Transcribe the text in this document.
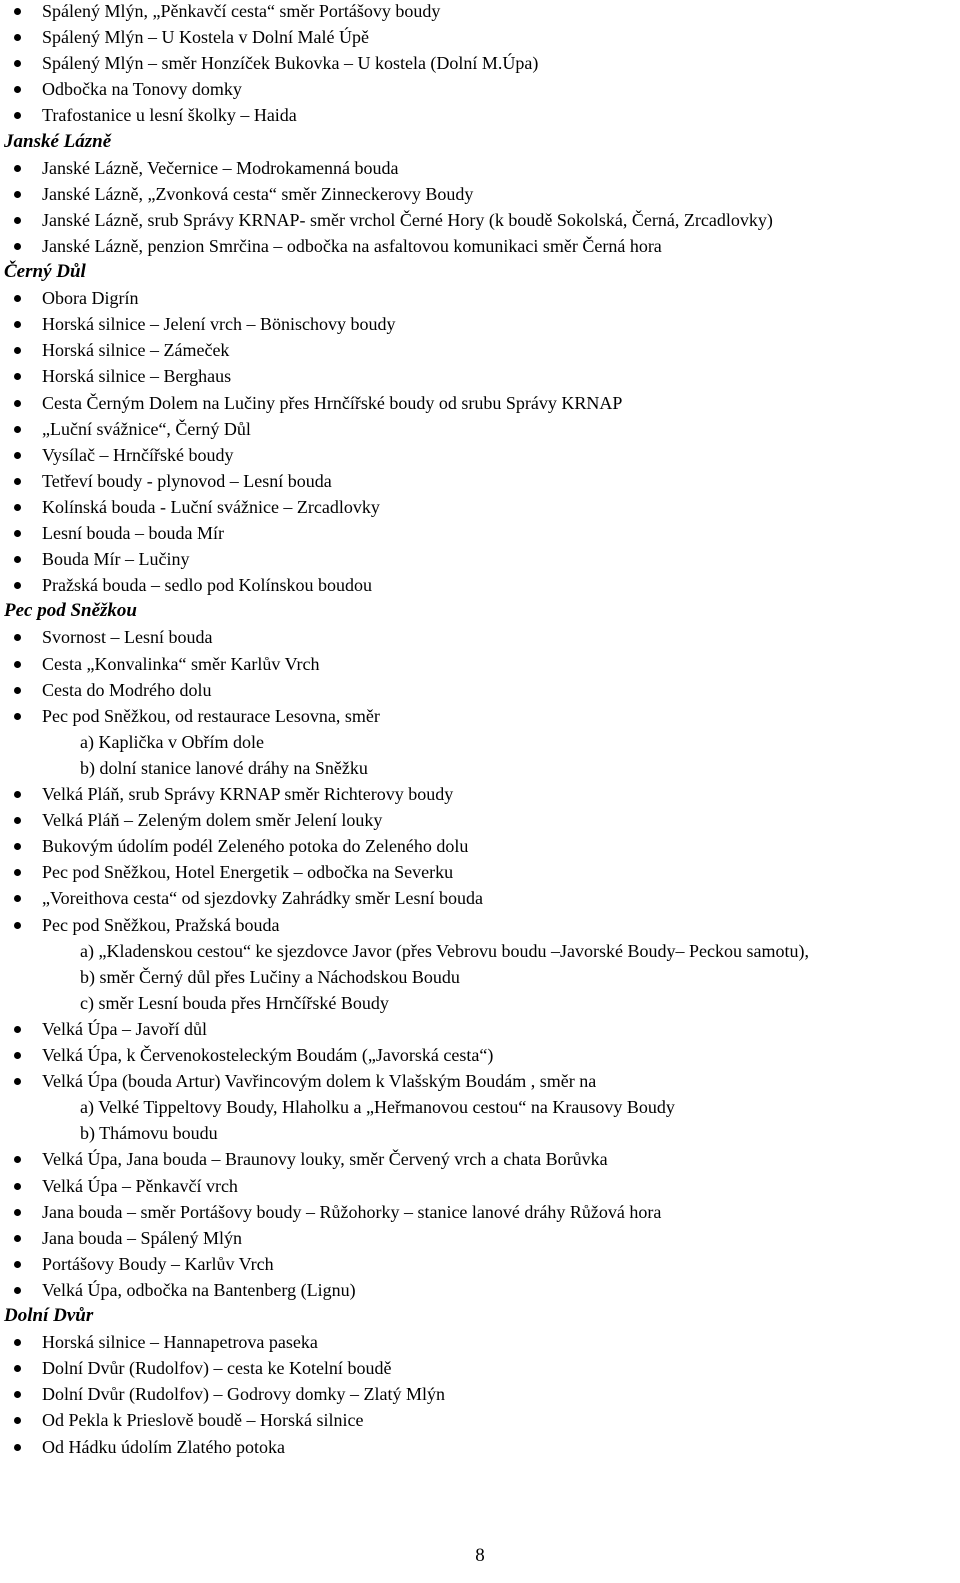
Spálený Mlýn, „Pěnkavčí cesta“ směr Portášovy boudy
Spálený Mlýn – U Kostela v Dolní Malé Úpě
Spálený Mlýn – směr Honzíček Bukovka – U kostela (Dolní M.Úpa)
Odbočka na Tonovy domky
Trafostanice u lesní školky – Haida
Janské Lázně
Janské Lázně, Večernice – Modrokamenná bouda
Janské Lázně, „Zvonková cesta“ směr Zinneckerovy Boudy
Janské Lázně, srub Správy KRNAP- směr vrchol Černé Hory (k boudě Sokolská, Černá, Zrcadlovky)
Janské Lázně, penzion Smrčina – odbočka na asfaltovou komunikaci směr Černá hora
Černý Důl
Obora Digrín
Horská silnice – Jelení vrch – Bönischovy boudy
Horská silnice – Zámeček
Horská silnice – Berghaus
Cesta Černým Dolem na Lučiny přes Hrnčířské boudy od srubu Správy KRNAP
„Luční svážnice“, Černý Důl
Vysílač – Hrnčířské boudy
Tetřeví boudy - plynovod – Lesní bouda
Kolínská bouda - Luční svážnice – Zrcadlovky
Lesní bouda – bouda Mír
Bouda Mír – Lučiny
Pražská bouda – sedlo pod Kolínskou boudou
Pec pod Sněžkou
Svornost – Lesní bouda
Cesta „Konvalinka“ směr Karlův Vrch
Cesta do Modrého dolu
Pec pod Sněžkou, od restaurace Lesovna, směr
a) Kaplička v Obřím dole
b) dolní stanice lanové dráhy na Sněžku
Velká Pláň, srub Správy KRNAP směr Richterovy boudy
Velká Pláň – Zeleným dolem směr Jelení louky
Bukovým údolím podél Zeleného potoka do Zeleného dolu
Pec pod Sněžkou, Hotel Energetik – odbočka na Severku
„Voreithova cesta“ od sjezdovky Zahrádky směr Lesní bouda
Pec pod Sněžkou, Pražská bouda
a) „Kladenskou cestou“ ke sjezdovce Javor (přes Vebrovu boudu –Javorské Boudy– Peckou samotu),
b) směr Černý důl přes Lučiny a Náchodskou Boudu
c) směr Lesní bouda přes Hrnčířské Boudy
Velká Úpa – Javoří důl
Velká Úpa, k Červenokosteleckým Boudám („Javorská cesta“)
Velká Úpa (bouda Artur) Vavřincovým dolem k Vlašským Boudám , směr na
a) Velké Tippeltovy Boudy, Hlaholku a „Heřmanovou cestou“ na Krausovy Boudy
b) Thámovu boudu
Velká Úpa, Jana bouda – Braunovy louky, směr Červený vrch a chata Borůvka
Velká Úpa – Pěnkavčí vrch
Jana bouda – směr Portášovy boudy – Růžohorky – stanice lanové dráhy Růžová hora
Jana bouda – Spálený Mlýn
Portášovy Boudy – Karlův Vrch
Velká Úpa, odbočka na Bantenberg (Lignu)
Dolní Dvůr
Horská silnice – Hannapetrova paseka
Dolní Dvůr (Rudolfov) – cesta ke Kotelní boudě
Dolní Dvůr (Rudolfov) – Godrovy domky – Zlatý Mlýn
Od Pekla k Prieslově boudě – Horská silnice
Od Hádku údolím Zlatého potoka
8
